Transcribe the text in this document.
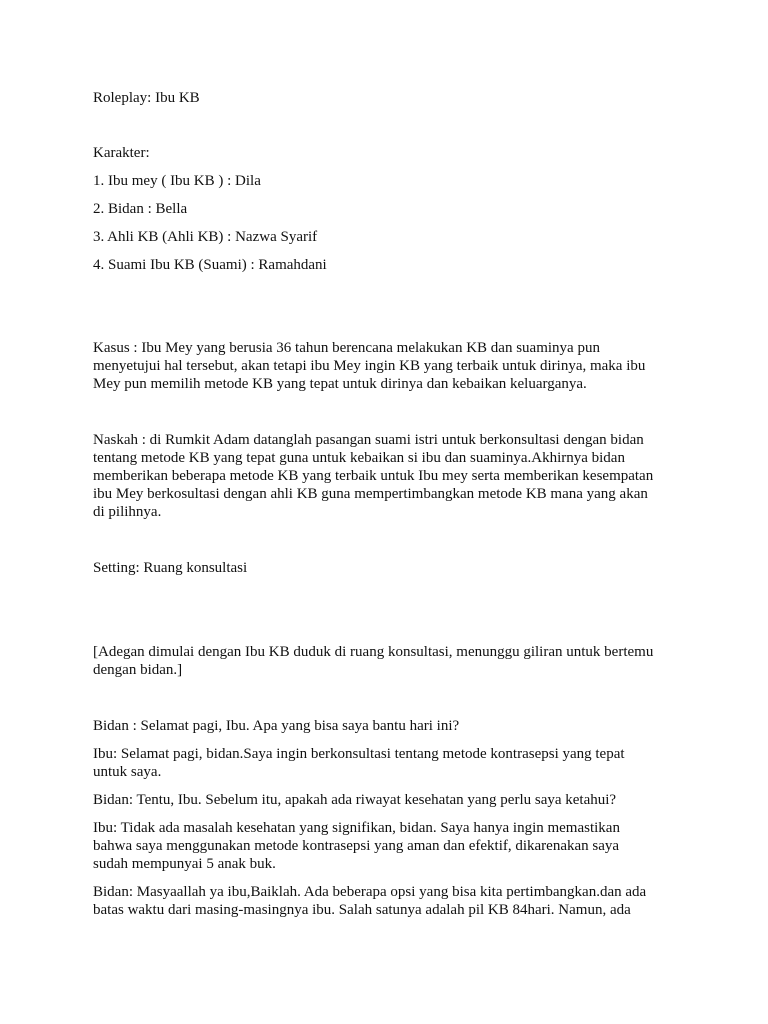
Roleplay: Ibu KB
Karakter:
1. Ibu mey ( Ibu KB ) : Dila
2. Bidan : Bella
3. Ahli KB (Ahli KB) : Nazwa Syarif
4. Suami Ibu KB (Suami) : Ramahdani
Kasus : Ibu Mey yang berusia 36 tahun berencana melakukan KB dan suaminya pun
menyetujui hal tersebut, akan tetapi ibu Mey ingin KB yang terbaik untuk dirinya, maka ibu
Mey pun memilih metode KB yang tepat untuk dirinya dan kebaikan keluarganya.
Naskah : di Rumkit Adam datanglah pasangan suami istri untuk berkonsultasi dengan bidan
tentang metode KB yang tepat guna untuk kebaikan si ibu dan suaminya.Akhirnya bidan
memberikan beberapa metode KB yang terbaik untuk Ibu mey serta memberikan kesempatan
ibu Mey berkosultasi dengan ahli KB guna mempertimbangkan metode KB mana yang akan
di pilihnya.
Setting: Ruang konsultasi
[Adegan dimulai dengan Ibu KB duduk di ruang konsultasi, menunggu giliran untuk bertemu
dengan bidan.]
Bidan : Selamat pagi, Ibu. Apa yang bisa saya bantu hari ini?
Ibu: Selamat pagi, bidan.Saya ingin berkonsultasi tentang metode kontrasepsi yang tepat
untuk saya.
Bidan: Tentu, Ibu. Sebelum itu, apakah ada riwayat kesehatan yang perlu saya ketahui?
Ibu: Tidak ada masalah kesehatan yang signifikan, bidan. Saya hanya ingin memastikan
bahwa saya menggunakan metode kontrasepsi yang aman dan efektif, dikarenakan saya
sudah mempunyai 5 anak buk.
Bidan: Masyaallah ya ibu,Baiklah. Ada beberapa opsi yang bisa kita pertimbangkan.dan ada
batas waktu dari masing-masingnya ibu. Salah satunya adalah pil KB 84hari. Namun, ada
